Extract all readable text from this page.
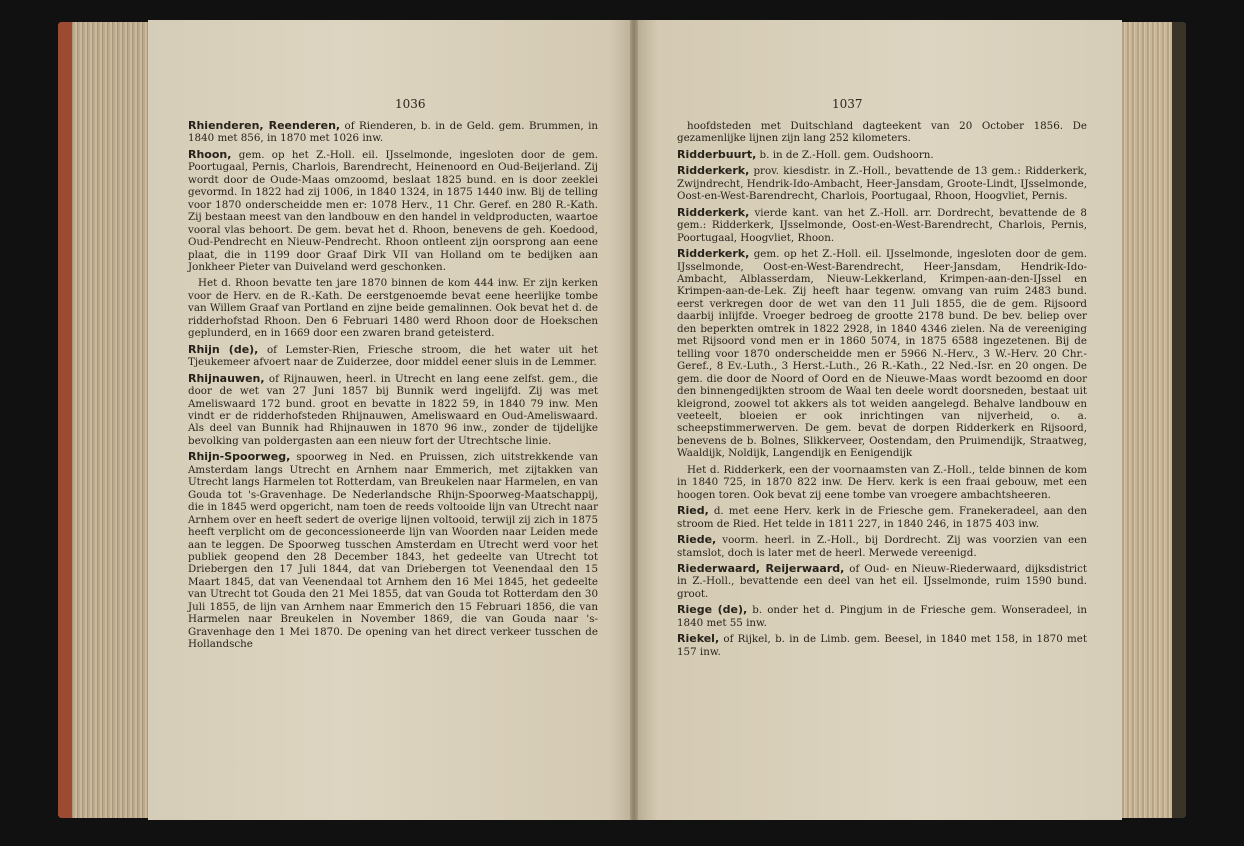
1036	1037

Rhienderen, Reenderen, of Rienderen, b. in de Geld. gem. Brummen, in 1840 met 856, in 1870 met 1026 inw.

Rhoon, gem. op het Z.-Holl. eil. IJsselmonde, ingesloten door de gem. Poortugaal, Pernis, Charlois, Barendrecht, Heinenoord en Oud-Beijerland. Zij wordt door de Oude-Maas omzoomd, beslaat 1825 bund. en is door zeeklei gevormd. In 1822 had zij 1006, in 1840 1324, in 1875 1440 inw. Bij de telling voor 1870 onderscheidde men er: 1078 Herv., 11 Chr. Geref. en 280 R.-Kath. Zij bestaan meest van den landbouw en den handel in veldproducten, waartoe vooral vlas behoort. De gem. bevat het d. Rhoon, benevens de geh. Koedood, Oud-Pendrecht en Nieuw-Pendrecht. Rhoon ontleent zijn oorsprong aan eene plaat, die in 1199 door Graaf Dirk VII van Holland om te bedijken aan Jonkheer Pieter van Duiveland werd geschonken.

Het d. Rhoon bevatte ten jare 1870 binnen de kom 444 inw. Er zijn kerken voor de Herv. en de R.-Kath. De eerstgenoemde bevat eene heerlijke tombe van Willem Graaf van Portland en zijne beide gemalinnen. Ook bevat het d. de ridderhofstad Rhoon. Den 6 Februari 1480 werd Rhoon door de Hoekschen geplunderd, en in 1669 door een zwaren brand geteisterd.

Rhijn (de), of Lemster-Rien, Friesche stroom, die het water uit het Tjeukemeer afvoert naar de Zuiderzee, door middel eener sluis in de Lemmer.

Rhijnauwen, of Rijnauwen, heerl. in Utrecht en lang eene zelfst. gem., die door de wet van 27 Juni 1857 bij Bunnik werd ingelijfd. Zij was met Ameliswaard 172 bund. groot en bevatte in 1822 59, in 1840 79 inw. Men vindt er de ridderhofsteden Rhijnauwen, Ameliswaard en Oud-Ameliswaard. Als deel van Bunnik had Rhijnauwen in 1870 96 inw., zonder de tijdelijke bevolking van poldergasten aan een nieuw fort der Utrechtsche linie.

Rhijn-Spoorweg, spoorweg in Ned. en Pruissen, zich uitstrekkende van Amsterdam langs Utrecht en Arnhem naar Emmerich, met zijtakken van Utrecht langs Harmelen tot Rotterdam, van Breukelen naar Harmelen, en van Gouda tot 's-Gravenhage. De Nederlandsche Rhijn-Spoorweg-Maatschappij, die in 1845 werd opgericht, nam toen de reeds voltooide lijn van Utrecht naar Arnhem over en heeft sedert de overige lijnen voltooid, terwijl zij zich in 1875 heeft verplicht om de geconcessioneerde lijn van Woorden naar Leiden mede aan te leggen. De Spoorweg tusschen Amsterdam en Utrecht werd voor het publiek geopend den 28 December 1843, het gedeelte van Utrecht tot Driebergen den 17 Juli 1844, dat van Driebergen tot Veenendaal den 15 Maart 1845, dat van Veenendaal tot Arnhem den 16 Mei 1845, het gedeelte van Utrecht tot Gouda den 21 Mei 1855, dat van Gouda tot Rotterdam den 30 Juli 1855, de lijn van Arnhem naar Emmerich den 15 Februari 1856, die van Harmelen naar Breukelen in November 1869, die van Gouda naar 's-Gravenhage den 1 Mei 1870. De opening van het direct verkeer tusschen de Hollandsche

hoofdsteden met Duitschland dagteekent van 20 October 1856. De gezamenlijke lijnen zijn lang 252 kilometers.

Ridderbuurt, b. in de Z.-Holl. gem. Oudshoorn.

Ridderkerk, prov. kiesdistr. in Z.-Holl., bevattende de 13 gem.: Ridderkerk, Zwijndrecht, Hendrik-Ido-Ambacht, Heer-Jansdam, Groote-Lindt, IJsselmonde, Oost-en-West-Barendrecht, Charlois, Poortugaal, Rhoon, Hoogvliet, Pernis.

Ridderkerk, vierde kant. van het Z.-Holl. arr. Dordrecht, bevattende de 8 gem.: Ridderkerk, IJsselmonde, Oost-en-West-Barendrecht, Charlois, Pernis, Poortugaal, Hoogvliet, Rhoon.

Ridderkerk, gem. op het Z.-Holl. eil. IJsselmonde, ingesloten door de gem. IJsselmonde, Oost-en-West-Barendrecht, Heer-Jansdam, Hendrik-Ido-Ambacht, Alblasserdam, Nieuw-Lekkerland, Krimpen-aan-den-IJssel en Krimpen-aan-de-Lek. Zij heeft haar tegenw. omvang van ruim 2483 bund. eerst verkregen door de wet van den 11 Juli 1855, die de gem. Rijsoord daarbij inlijfde. Vroeger bedroeg de grootte 2178 bund. De bev. beliep over den beperkten omtrek in 1822 2928, in 1840 4346 zielen. Na de vereeniging met Rijsoord vond men er in 1860 5074, in 1875 6588 ingezetenen. Bij de telling voor 1870 onderscheidde men er 5966 N.-Herv., 3 W.-Herv. 20 Chr.-Geref., 8 Ev.-Luth., 3 Herst.-Luth., 26 R.-Kath., 22 Ned.-Isr. en 20 ongen. De gem. die door de Noord of Oord en de Nieuwe-Maas wordt bezoomd en door den binnengedijkten stroom de Waal ten deele wordt doorsneden, bestaat uit kleigrond, zoowel tot akkers als tot weiden aangelegd. Behalve landbouw en veeteelt, bloeien er ook inrichtingen van nijverheid, o. a. scheepstimmerwerven. De gem. bevat de dorpen Ridderkerk en Rijsoord, benevens de b. Bolnes, Slikkerveer, Oostendam, den Pruimendijk, Straatweg, Waaldijk, Noldijk, Langendijk en Eenigendijk

Het d. Ridderkerk, een der voornaamsten van Z.-Holl., telde binnen de kom in 1840 725, in 1870 822 inw. De Herv. kerk is een fraai gebouw, met een hoogen toren. Ook bevat zij eene tombe van vroegere ambachtsheeren.

Ried, d. met eene Herv. kerk in de Friesche gem. Franekeradeel, aan den stroom de Ried. Het telde in 1811 227, in 1840 246, in 1875 403 inw.

Riede, voorm. heerl. in Z.-Holl., bij Dordrecht. Zij was voorzien van een stamslot, doch is later met de heerl. Merwede vereenigd.

Riederwaard, Reijerwaard, of Oud- en Nieuw-Riederwaard, dijksdistrict in Z.-Holl., bevattende een deel van het eil. IJsselmonde, ruim 1590 bund. groot.

Riege (de), b. onder het d. Pingjum in de Friesche gem. Wonseradeel, in 1840 met 55 inw.

Riekel, of Rijkel, b. in de Limb. gem. Beesel, in 1840 met 158, in 1870 met 157 inw.
